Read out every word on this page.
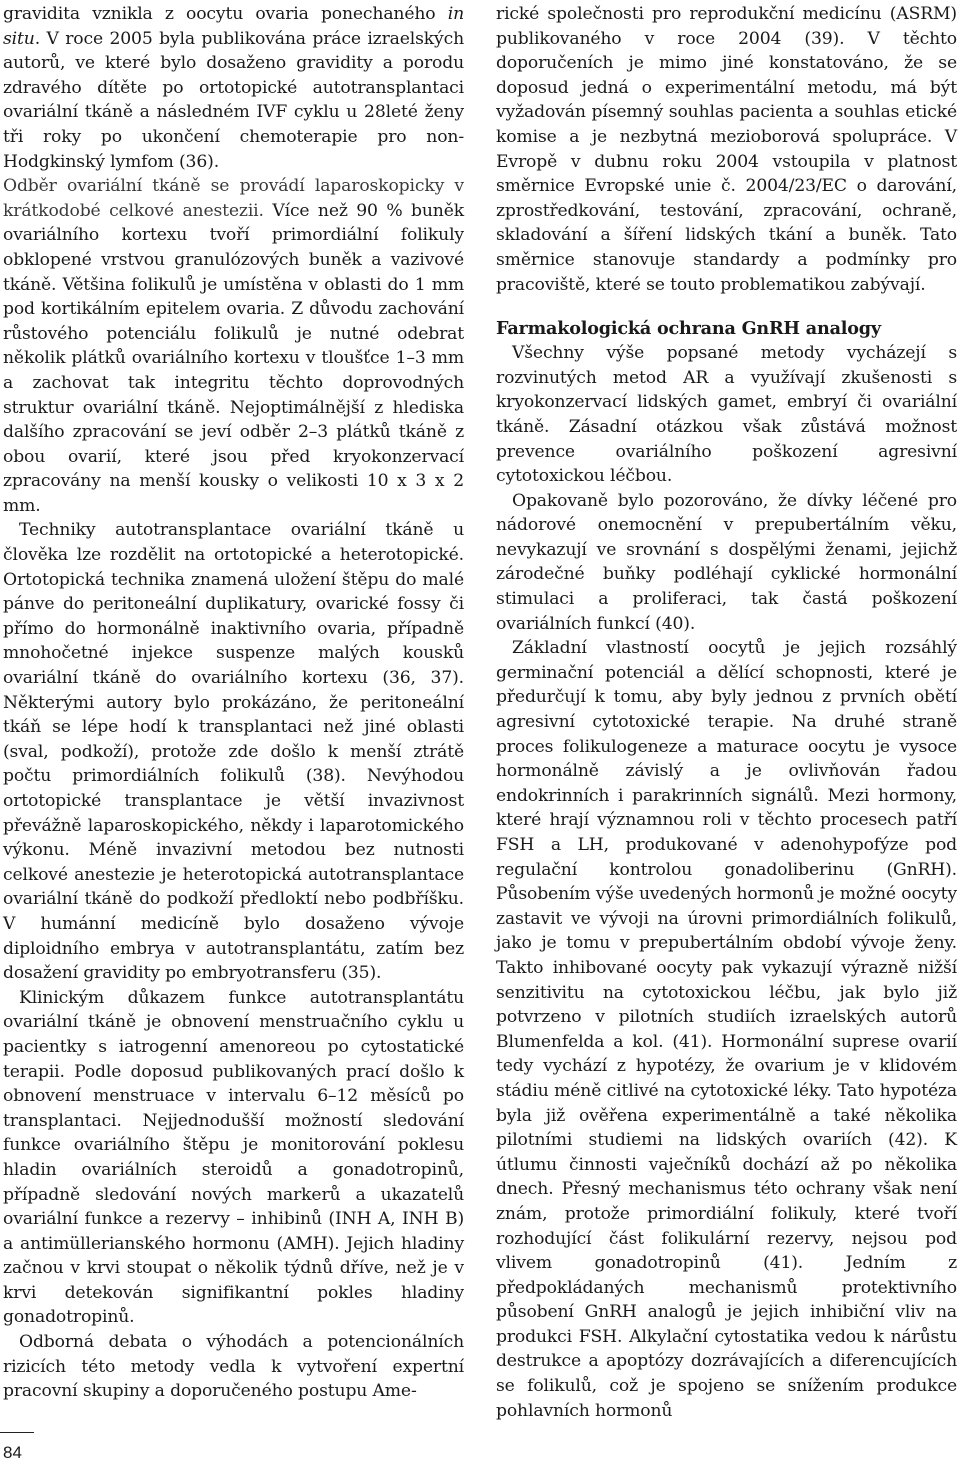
gravidita vznikla z oocytu ovaria ponechaného in situ. V roce 2005 byla publikována práce izraelských autorů, ve které bylo dosaženo gravidity a porodu zdravého dítěte po ortotopické autotransplantaci ovariální tkáně a následném IVF cyklu u 28leté ženy tři roky po ukončení chemoterapie pro non-Hodgkinský lymfom (36).

Odběr ovariální tkáně se provádí laparoskopicky v krátkodobé celkové anestezii. Více než 90 % buněk ovariálního kortexu tvoří primordiální folikuly obklopené vrstvou granulózových buněk a vazivové tkáně. Většina folikulů je umístěna v oblasti do 1 mm pod kortikálním epitelem ovaria. Z důvodu zachování růstového potenciálu folikulů je nutné odebrat několik plátků ovariálního kortexu v tloušťce 1–3 mm a zachovat tak integritu těchto doprovodných struktur ovariální tkáně. Nejoptimálnější z hlediska dalšího zpracování se jeví odběr 2–3 plátků tkáně z obou ovarií, které jsou před kryokonzervací zpracovány na menší kousky o velikosti 10 x 3 x 2 mm.

Techniky autotransplantace ovariální tkáně u člověka lze rozdělit na ortotopické a heterotopické. Ortotopická technika znamená uložení štěpu do malé pánve do peritoneální duplikatury, ovarické fossy či přímo do hormonálně inaktivního ovaria, případně mnohočetné injekce suspenze malých kousků ovariální tkáně do ovariálního kortexu (36, 37). Některými autory bylo prokázáno, že peritoneální tkáň se lépe hodí k transplantaci než jiné oblasti (sval, podkoží), protože zde došlo k menší ztrátě počtu primordiálních folikulů (38). Nevýhodou ortotopické transplantace je větší invazivnost převážně laparoskopického, někdy i laparotomického výkonu. Méně invazivní metodou bez nutnosti celkové anestezie je heterotopická autotransplantace ovariální tkáně do podkoží předloktí nebo podbříšku. V humánní medicíně bylo dosaženo vývoje diploidního embrya v autotransplantátu, zatím bez dosažení gravidity po embryotransferu (35).

Klinickým důkazem funkce autotransplantátu ovariální tkáně je obnovení menstruačního cyklu u pacientky s iatrogenní amenoreou po cytostatické terapii. Podle doposud publikovaných prací došlo k obnovení menstruace v intervalu 6–12 měsíců po transplantaci. Nejjednodušší možností sledování funkce ovariálního štěpu je monitorování poklesu hladin ovariálních steroidů a gonadotropinů, případně sledování nových markerů a ukazatelů ovariální funkce a rezervy – inhibinů (INH A, INH B) a antimüllerianského hormonu (AMH). Jejich hladiny začnou v krvi stoupat o několik týdnů dříve, než je v krvi detekován signifikantní pokles hladiny gonadotropinů.

Odborná debata o výhodách a potencionálních rizicích této metody vedla k vytvoření expertní pracovní skupiny a doporučeného postupu Ame-

rické společnosti pro reprodukční medicínu (ASRM) publikovaného v roce 2004 (39). V těchto doporučeních je mimo jiné konstatováno, že se doposud jedná o experimentální metodu, má být vyžadován písemný souhlas pacienta a souhlas etické komise a je nezbytná mezioborová spolupráce. V Evropě v dubnu roku 2004 vstoupila v platnost směrnice Evropské unie č. 2004/23/EC o darování, zprostředkování, testování, zpracování, ochraně, skladování a šíření lidských tkání a buněk. Tato směrnice stanovuje standardy a podmínky pro pracoviště, které se touto problematikou zabývají.

Farmakologická ochrana GnRH analogy

Všechny výše popsané metody vycházejí s rozvinutých metod AR a využívají zkušenosti s kryokonzervací lidských gamet, embryí či ovariální tkáně. Zásadní otázkou však zůstává možnost prevence ovariálního poškození agresivní cytotoxickou léčbou.

Opakovaně bylo pozorováno, že dívky léčené pro nádorové onemocnění v prepubertálním věku, nevykazují ve srovnání s dospělými ženami, jejichž zárodečné buňky podléhají cyklické hormonální stimulaci a proliferaci, tak častá poškození ovariálních funkcí (40).

Základní vlastností oocytů je jejich rozsáhlý germinační potenciál a dělící schopnosti, které je předurčují k tomu, aby byly jednou z prvních obětí agresivní cytotoxické terapie. Na druhé straně proces folikulogeneze a maturace oocytu je vysoce hormonálně závislý a je ovlivňován řadou endokrinních i parakrinních signálů. Mezi hormony, které hrají významnou roli v těchto procesech patří FSH a LH, produkované v adenohypofýze pod regulační kontrolou gonadoliberinu (GnRH). Působením výše uvedených hormonů je možné oocyty zastavit ve vývoji na úrovni primordiálních folikulů, jako je tomu v prepubertálním období vývoje ženy. Takto inhibované oocyty pak vykazují výrazně nižší senzitivitu na cytotoxickou léčbu, jak bylo již potvrzeno v pilotních studiích izraelských autorů Blumenfelda a kol. (41). Hormonální suprese ovarií tedy vychází z hypotézy, že ovarium je v klidovém stádiu méně citlivé na cytotoxické léky. Tato hypotéza byla již ověřena experimentálně a také několika pilotními studiemi na lidských ovariích (42). K útlumu činnosti vaječníků dochází až po několika dnech. Přesný mechanismus této ochrany však není znám, protože primordiální folikuly, které tvoří rozhodující část folikulární rezervy, nejsou pod vlivem gonadotropinů (41). Jedním z předpokládaných mechanismů protektivního působení GnRH analogů je jejich inhibiční vliv na produkci FSH. Alkylační cytostatika vedou k nárůstu destrukce a apoptózy dozrávajících a diferencujících se folikulů, což je spojeno se snížením produkce pohlavních hormonů

84
